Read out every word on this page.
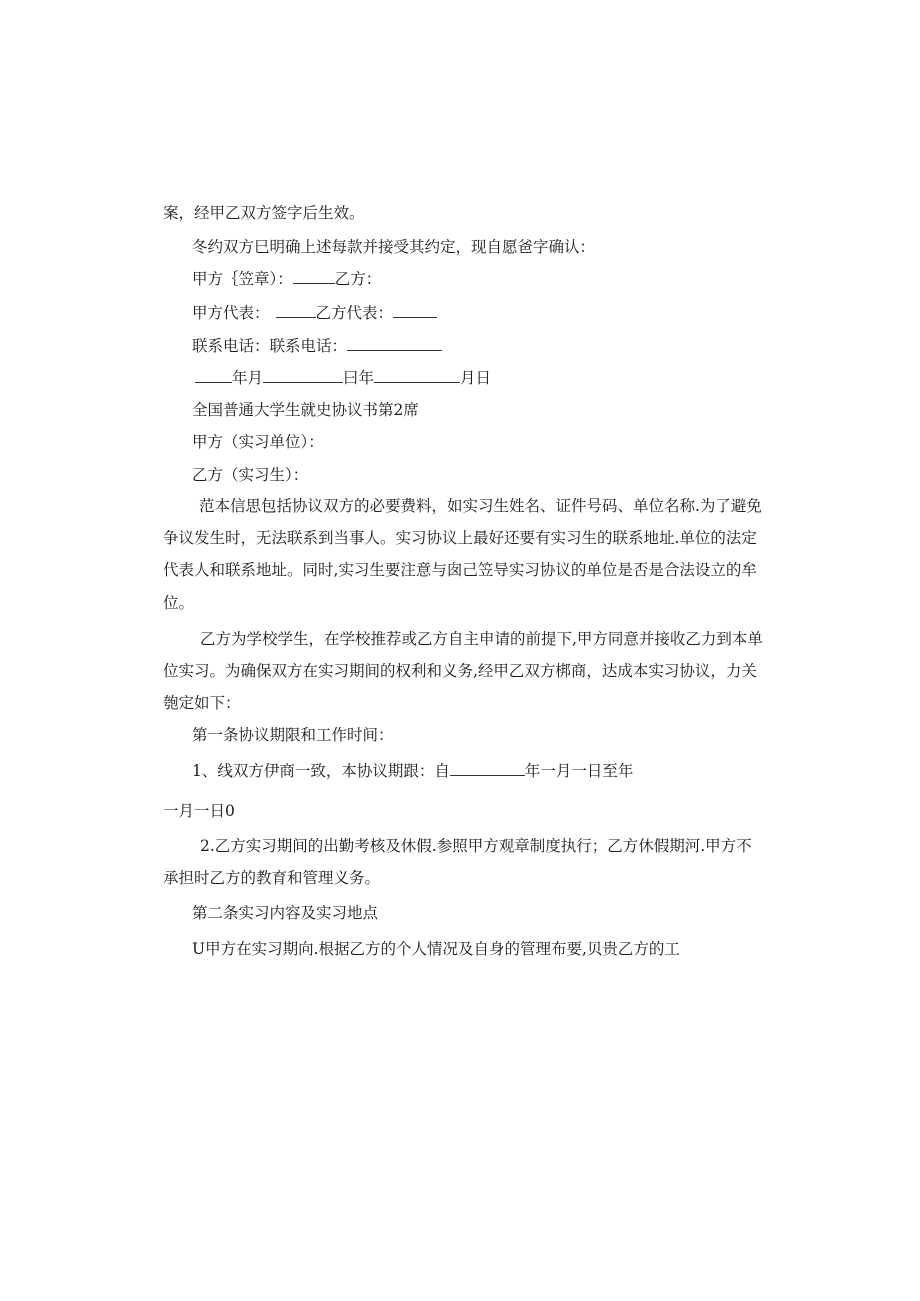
案，经甲乙双方签字后生效。

冬约双方巳明确上述每款并接受其约定，现自愿爸字确认：

甲方｛笠章）：	乙方：

甲方代表：	乙方代表：

联系电话：联系电话：

年月	曰年	月日

全国普通大学生就史协议书第2席

甲方（实习单位）：

乙方（实习生）：

范本信思包括协议双方的必要费料，如实习生姓名、证件号码、单位名称.为了避免

争议发生时，无法联系到当事人。实习协议上最好还要有实习生的联系地址.单位的法定

代表人和联系地址。同时,实习生要注意与囱己笠导实习协议的单位是否是合法设立的牟

位。

乙方为学校学生，在学校推荐或乙方自主申请的前提下,甲方同意并接收乙力到本单

位实习。为确保双方在实习期间的权利和义务,经甲乙双方梆商，达成本实习协议，力关

匏定如下：

第一条协议期限和工作时间：

1、线双方伊商一致，本协议期跟：自	年一月一日至年

一月一日0

2.乙方实习期间的出勤考核及休假.参照甲方观章制度执行；乙方休假期河.甲方不

承担时乙方的教育和管理义务。

第二条实习内容及实习地点

U甲方在实习期向.根据乙方的个人情况及自身的管理布要,贝贵乙方的工
